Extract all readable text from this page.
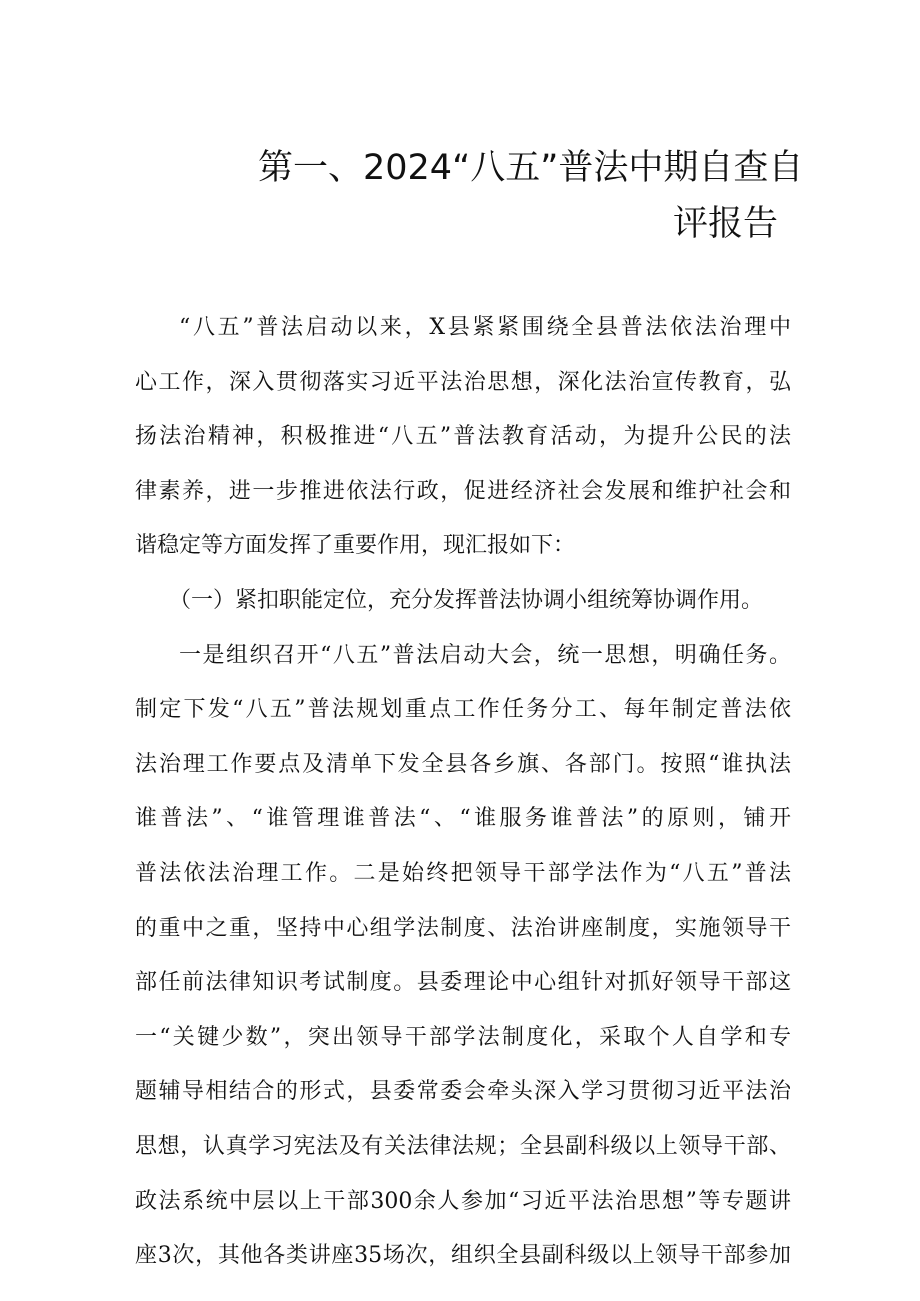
第一、2024“八五”普法中期自查自
评报告
“八五”普法启动以来，X县紧紧围绕全县普法依法治理中
心工作，深入贯彻落实习近平法治思想，深化法治宣传教育，弘
扬法治精神，积极推进“八五”普法教育活动，为提升公民的法
律素养，进一步推进依法行政，促进经济社会发展和维护社会和
谐稳定等方面发挥了重要作用，现汇报如下：
（一）紧扣职能定位，充分发挥普法协调小组统筹协调作用。
一是组织召开“八五”普法启动大会，统一思想，明确任务。
制定下发“八五”普法规划重点工作任务分工、每年制定普法依
法治理工作要点及清单下发全县各乡旗、各部门。按照“谁执法
谁普法”、“谁管理谁普法“、“谁服务谁普法”的原则，铺开
普法依法治理工作。二是始终把领导干部学法作为“八五”普法
的重中之重，坚持中心组学法制度、法治讲座制度，实施领导干
部任前法律知识考试制度。县委理论中心组针对抓好领导干部这
一“关键少数”，突出领导干部学法制度化，采取个人自学和专
题辅导相结合的形式，县委常委会牵头深入学习贯彻习近平法治
思想，认真学习宪法及有关法律法规；全县副科级以上领导干部、
政法系统中层以上干部300余人参加“习近平法治思想”等专题讲
座3次，其他各类讲座35场次，组织全县副科级以上领导干部参加
